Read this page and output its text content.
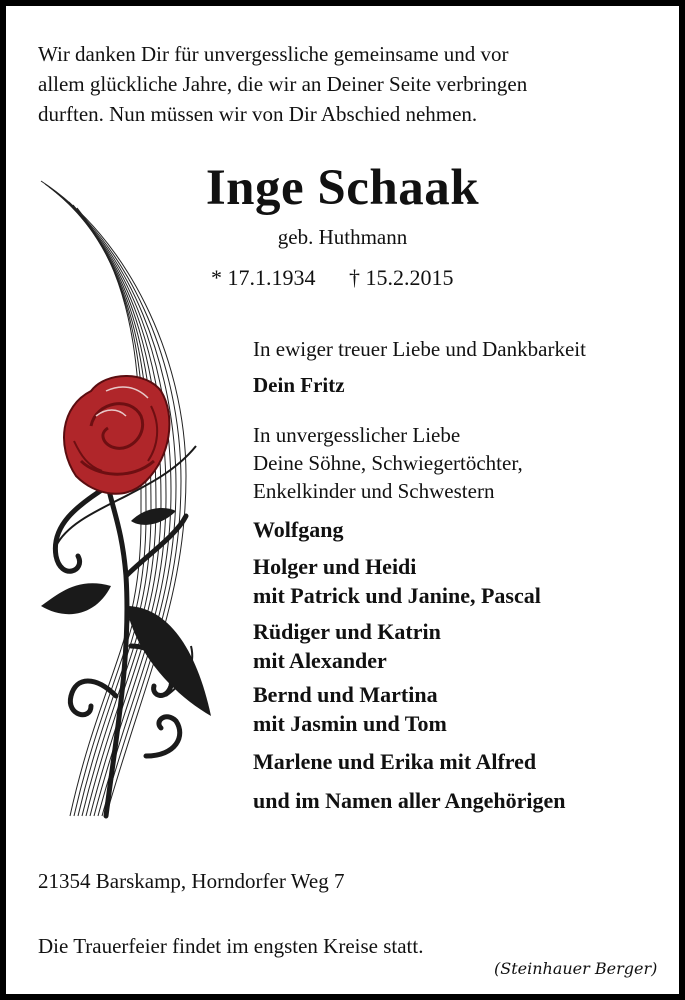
Wir danken Dir für unvergessliche gemeinsame und vor
allem glückliche Jahre, die wir an Deiner Seite verbringen
durften. Nun müssen wir von Dir Abschied nehmen.
Inge Schaak
geb. Huthmann
* 17.1.1934 † 15.2.2015
In ewiger treuer Liebe und Dankbarkeit
Dein Fritz
In unvergesslicher Liebe
Deine Söhne, Schwiegertöchter,
Enkelkinder und Schwestern
Wolfgang
Holger und Heidi
mit Patrick und Janine, Pascal
Rüdiger und Katrin
mit Alexander
Bernd und Martina
mit Jasmin und Tom
Marlene und Erika mit Alfred
und im Namen aller Angehörigen
21354 Barskamp, Horndorfer Weg 7
Die Trauerfeier findet im engsten Kreise statt.
(Steinhauer Berger)
